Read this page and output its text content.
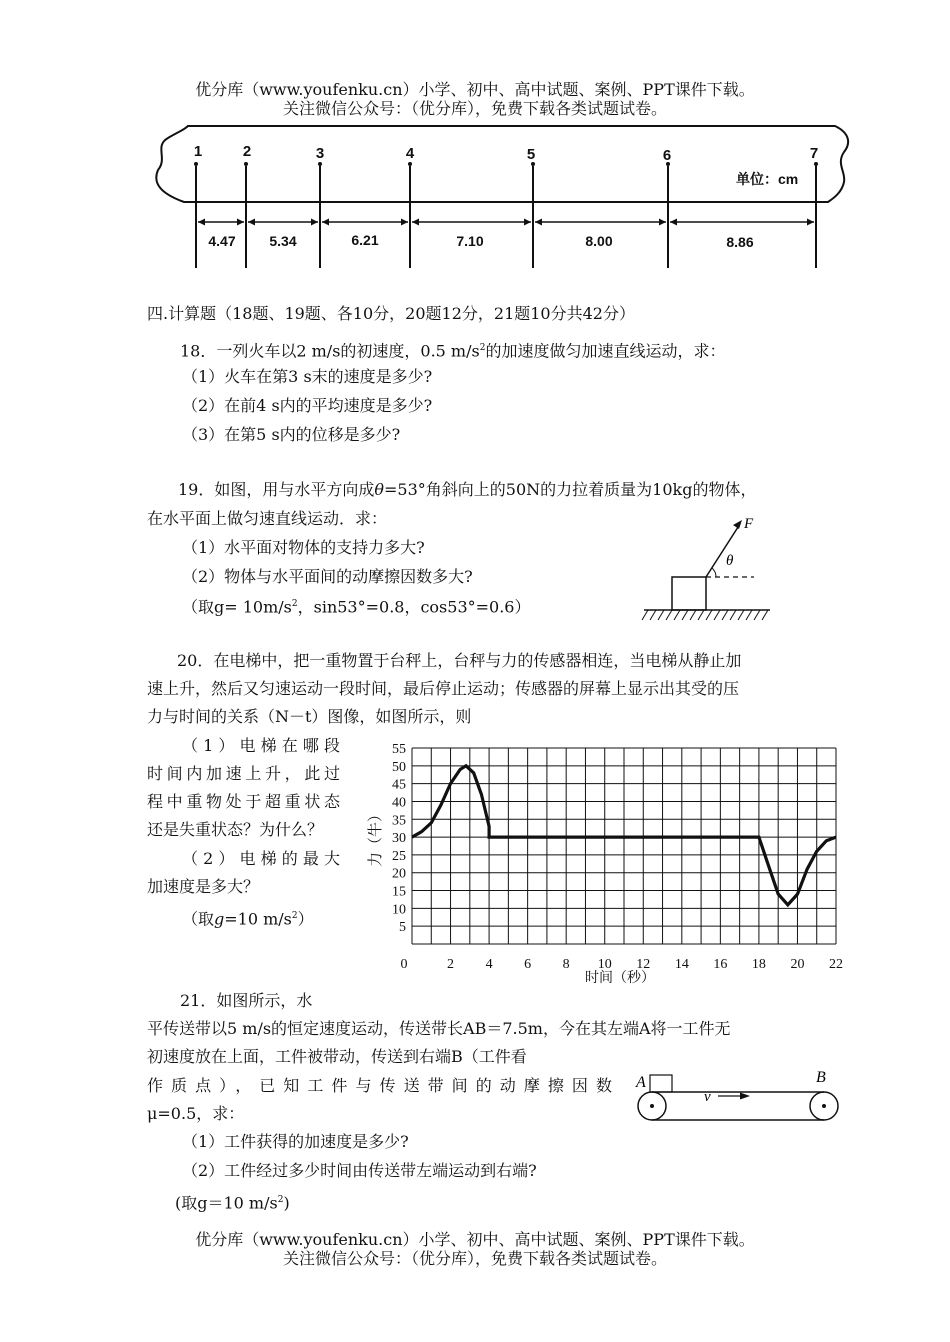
优分库（www.youfenku.cn）小学、初中、高中试题、案例、PPT课件下载。
关注微信公众号：（优分库），免费下载各类试题试卷。
1	2	3	4	5	6	7
单位：cm
4.47 5.34	6.21	7.10	8.00	8.86
四.计算题（18题、19题、各10分，20题12分，21题10分共42分）
18．一列火车以2 m/s的初速度，0.5 $m/s^2$的加速度做匀加速直线运动，求：
（1）火车在第3 s末的速度是多少?
（2）在前4 s内的平均速度是多少?
（3）在第5 s内的位移是多少?
19．如图，用与水平方向成θ=53°角斜向上的50N的力拉着质量为10kg的物体，
在水平面上做匀速直线运动．求：
（1）水平面对物体的支持力多大?
（2）物体与水平面间的动摩擦因数多大?
（取$g= 10m/s^2$，sin53°=0.8，cos53°=0.6）
F
θ
20．在电梯中，把一重物置于台秤上，台秤与力的传感器相连，当电梯从静止加
速上升，然后又匀速运动一段时间，最后停止运动；传感器的屏幕上显示出其受的压
力与时间的关系（N－t）图像，如图所示，则
（1）电梯在哪段
时间内加速上升，此过
程中重物处于超重状态
还是失重状态？为什么？
（2）电梯的最大
加速度是多大？
（取g=10 $m/s^2$）	5
10
15
20
25
30
35
40
45
50
55
0	2 4 6 8 10 12 14 16 18 20 22
力（牛）
时间（秒）
21．如图所示，水
平传送带以5 m/s的恒定速度运动，传送带长AB＝7.5m，今在其左端A将一工件无
初速度放在上面，工件被带动，传送到右端B（工件看
作质点），已知工件与传送带间的动摩擦因数
μ=0.5，求：
（1）工件获得的加速度是多少?
（2）工件经过多少时间由传送带左端运动到右端?
(取g＝10 $m/s^2$)
A	B
v
优分库（www.youfenku.cn）小学、初中、高中试题、案例、PPT课件下载。
关注微信公众号：（优分库），免费下载各类试题试卷。
